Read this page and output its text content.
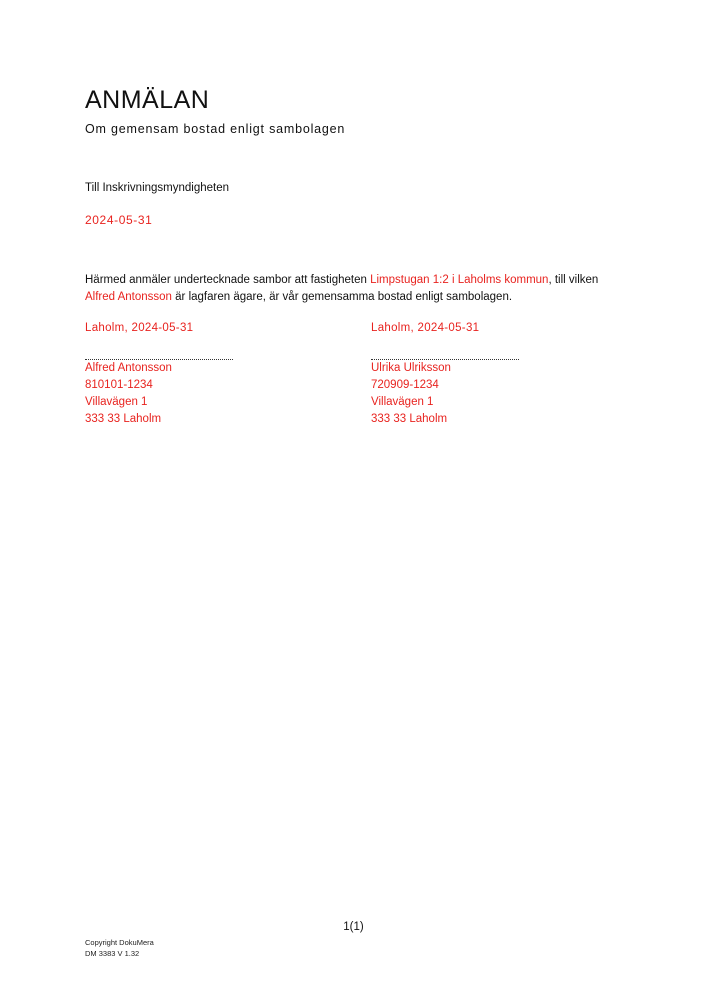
ANMÄLAN
Om gemensam bostad enligt sambolagen
Till Inskrivningsmyndigheten
2024-05-31
Härmed anmäler undertecknade sambor att fastigheten Limpstugan 1:2 i Laholms kommun, till vilken Alfred Antonsson är lagfaren ägare, är vår gemensamma bostad enligt sambolagen.
Laholm, 2024-05-31
Alfred Antonsson
810101-1234
Villavägen 1
333 33 Laholm
Laholm, 2024-05-31
Ulrika Ulriksson
720909-1234
Villavägen 1
333 33 Laholm
1(1)
Copyright DokuMera
DM 3383 V 1.32
